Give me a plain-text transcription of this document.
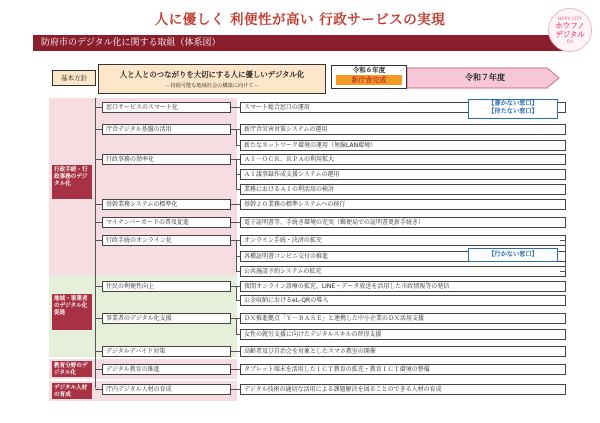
人に優しく 利便性が高い 行政サービスの実現
防府市のデジタル化に関する取組（体系図）
HOFU CITY
ホウフノ
デジタル
DX
基本方針	人と人とのつながりを大切にする人に優しいデジタル化
－持続可能な地域社会の構築に向けて－
令和６年度
新庁舎完成	令和７年度
行政手続・行政事務のデジタル化
地域・事業者のデジタル化促進
教育分野のデジタル化
デジタル人材の育成
窓口サービスのスマート化
庁舎デジタル基盤の活用
行政事務の効率化
基幹業務システムの標準化
マイナンバーカードの普及促進
行政手続のオンライン化
住民の利便性向上
事業者のデジタル化支援
デジタルデバイド対策
デジタル教育の推進
庁内デジタル人材の育成
スマート総合窓口の運用
新庁舎災害対策システムの運用
新たなネットワーク環境の運用（無線LAN環境）
ＡＩ－ＯＣＲ、ＲＰＡの利用拡大
ＡＩ議事録作成支援システムの運用
業務におけるＡＩの利活用の検討
基幹２０業務の標準システムへの移行
電子証明書等、手続き環境の充実（郵便局での証明書更新手続き）
オンライン手続・決済の拡充
各種証明書コンビニ交付の推進
公共施設予約システムの拡充
夜間オンライン診療の拡充、LINE・データ放送を活用した市政情報等の発信
公金収納におけるeL-QRの導入
ＤＸ推進拠点「Ｙ－ＢＡＳＥ」と連携した中小企業のＤＸ活用支援
女性の就労支援に向けたデジタルスキルの習得支援
高齢者及び自治会を対象としたスマホ教室の開催
タブレット端末を活用したＩＣＴ教育の拡充・教育ＩＣＴ環境の整備
デジタル技術の適切な活用による課題解決を図ることのできる人材の育成
【書かない窓口】
【待たない窓口】
【行かない窓口】
